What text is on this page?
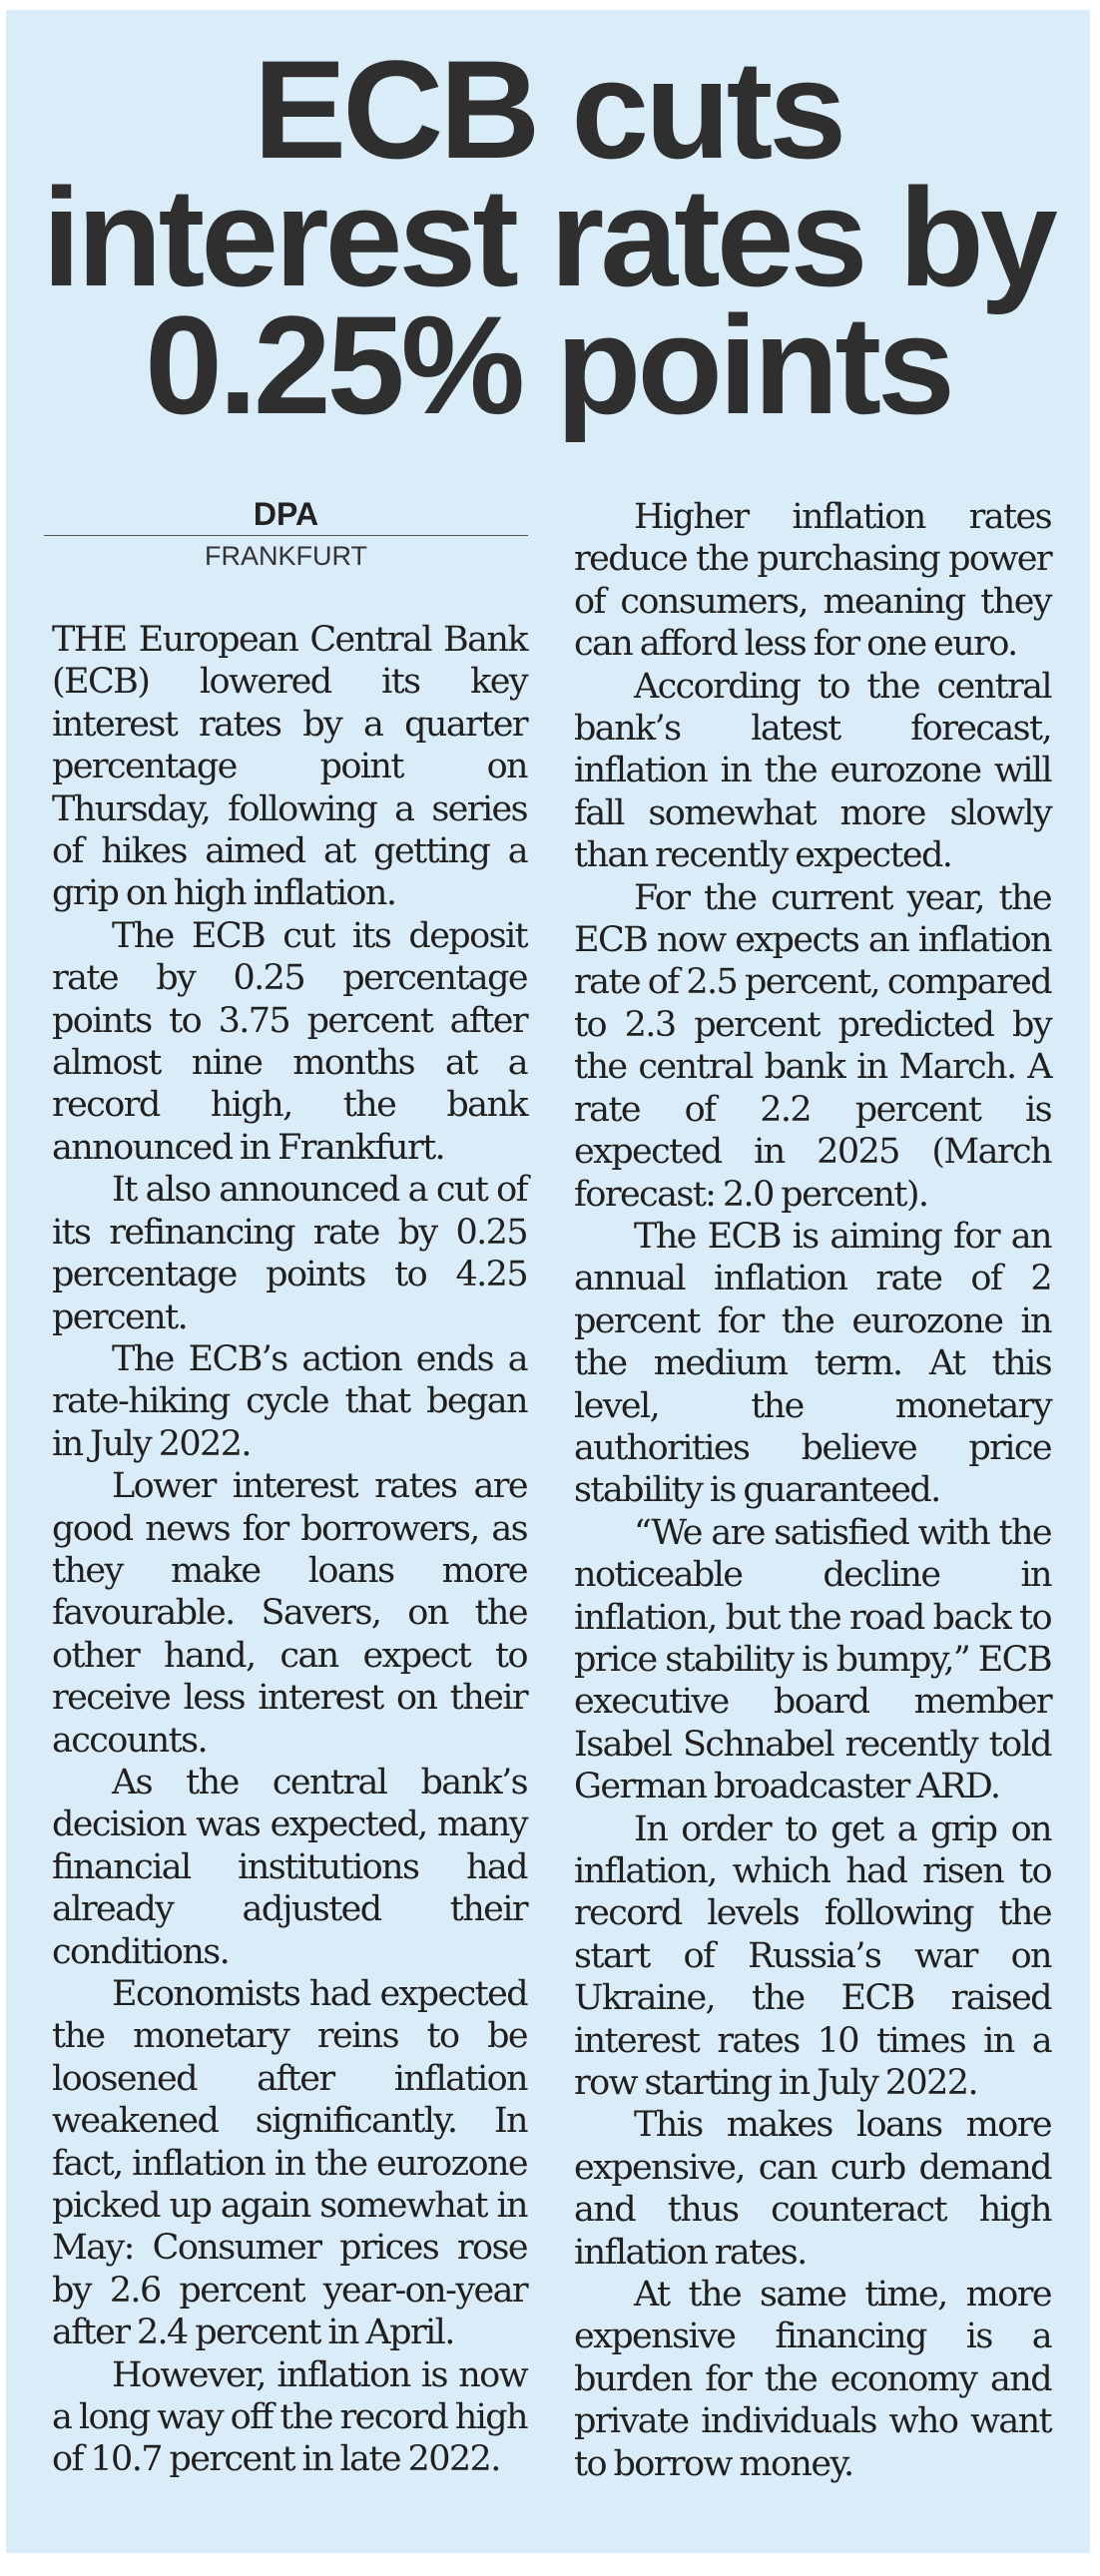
ECB cuts interest rates by 0.25% points
DPA
FRANKFURT

THE European Central Bank (ECB) lowered its key interest rates by a quarter percentage point on Thursday, following a series of hikes aimed at getting a grip on high inflation.

The ECB cut its deposit rate by 0.25 percentage points to 3.75 percent after almost nine months at a record high, the bank announced in Frankfurt.

It also announced a cut of its refinancing rate by 0.25 percentage points to 4.25 percent.

The ECB’s action ends a rate-hiking cycle that began in July 2022.

Lower interest rates are good news for borrowers, as they make loans more favourable. Savers, on the other hand, can expect to receive less interest on their accounts.

As the central bank’s decision was expected, many financial institutions had already adjusted their conditions.

Economists had expected the monetary reins to be loosened after inflation weakened significantly. In fact, inflation in the eurozone picked up again somewhat in May: Consumer prices rose by 2.6 percent year-on-year after 2.4 percent in April.

However, inflation is now a long way off the record high of 10.7 percent in late 2022.

Higher inflation rates reduce the purchasing power of consumers, meaning they can afford less for one euro.

According to the central bank’s latest forecast, inflation in the eurozone will fall somewhat more slowly than recently expected.

For the current year, the ECB now expects an inflation rate of 2.5 percent, compared to 2.3 percent predicted by the central bank in March. A rate of 2.2 percent is expected in 2025 (March forecast: 2.0 percent).

The ECB is aiming for an annual inflation rate of 2 percent for the eurozone in the medium term. At this level, the monetary authorities believe price stability is guaranteed.

“We are satisfied with the noticeable decline in inflation, but the road back to price stability is bumpy,” ECB executive board member Isabel Schnabel recently told German broadcaster ARD.

In order to get a grip on inflation, which had risen to record levels following the start of Russia’s war on Ukraine, the ECB raised interest rates 10 times in a row starting in July 2022.

This makes loans more expensive, can curb demand and thus counteract high inflation rates.

At the same time, more expensive financing is a burden for the economy and private individuals who want to borrow money.
